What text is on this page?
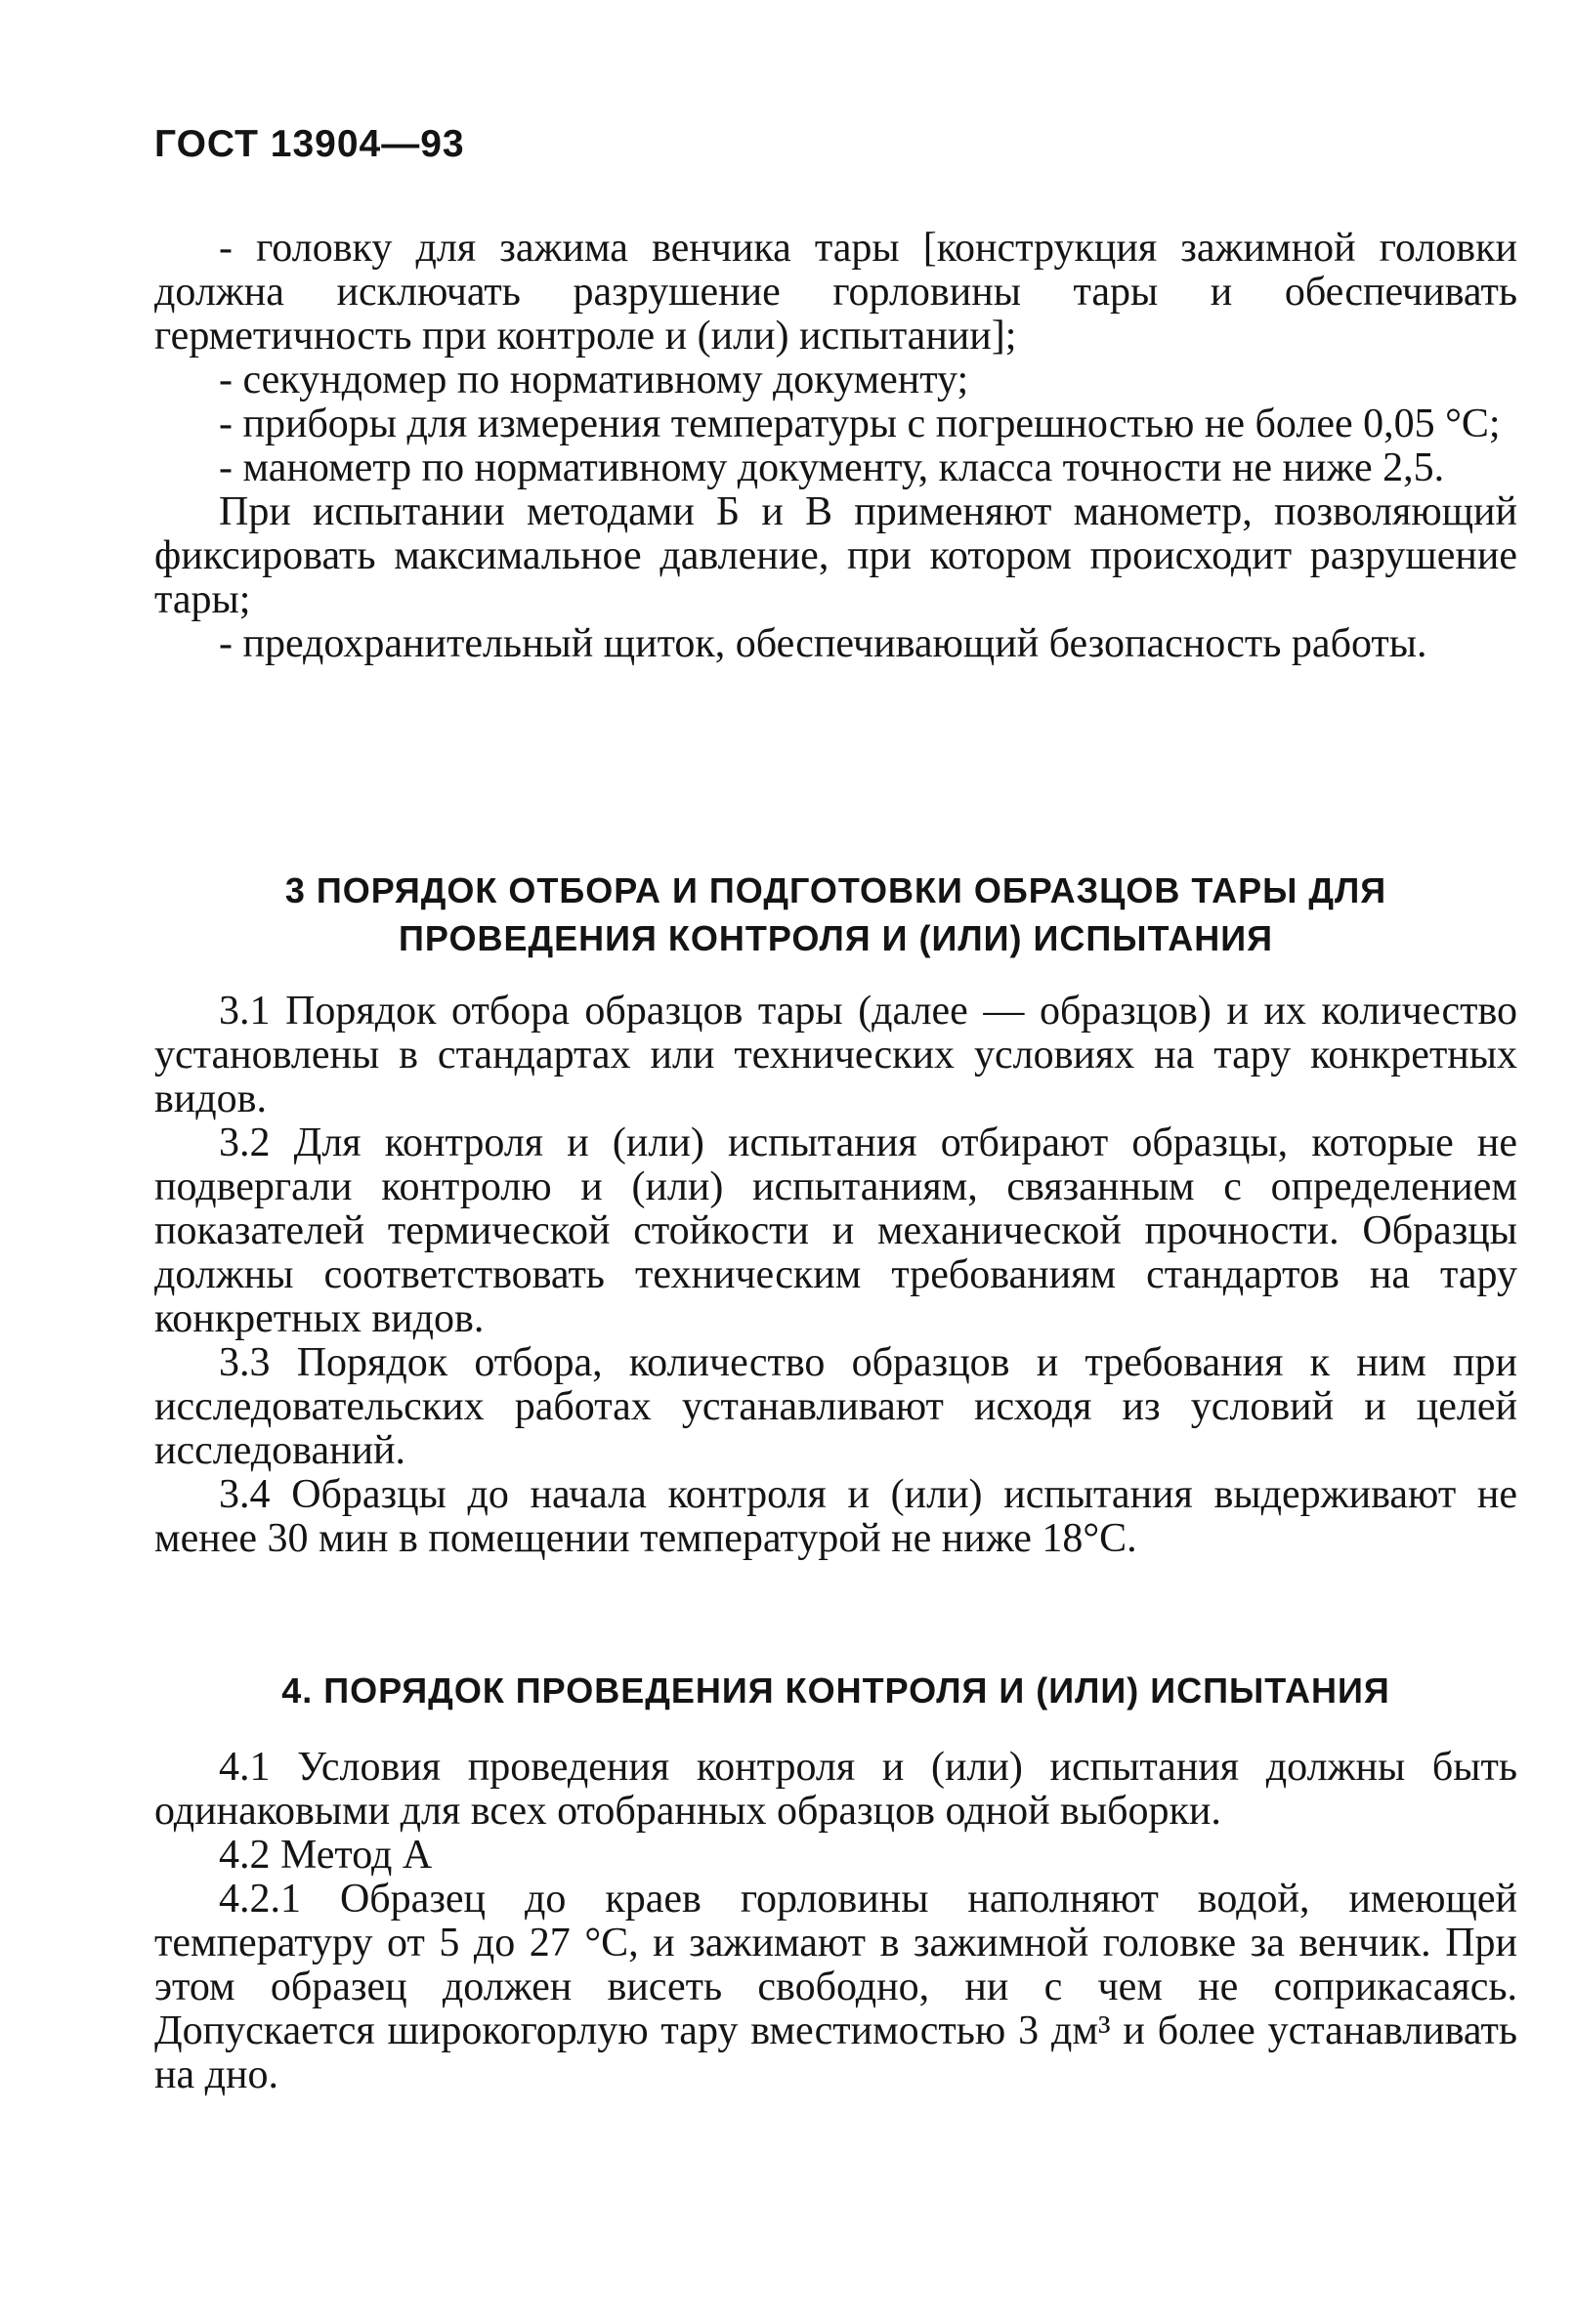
ГОСТ 13904—93

- головку для зажима венчика тары [конструкция зажимной головки должна исключать разрушение горловины тары и обеспечивать герметичность при контроле и (или) испытании];

- секундомер по нормативному документу;

- приборы для измерения температуры с погрешностью не более 0,05 °С;

- манометр по нормативному документу, класса точности не ниже 2,5.

При испытании методами Б и В применяют манометр, позволяющий фиксировать максимальное давление, при котором происходит разрушение тары;

- предохранительный щиток, обеспечивающий безопасность работы.

3 ПОРЯДОК ОТБОРА И ПОДГОТОВКИ ОБРАЗЦОВ ТАРЫ ДЛЯ

ПРОВЕДЕНИЯ КОНТРОЛЯ И (ИЛИ) ИСПЫТАНИЯ

3.1 Порядок отбора образцов тары (далее — образцов) и их количество установлены в стандартах или технических условиях на тару конкретных видов.

3.2 Для контроля и (или) испытания отбирают образцы, которые не подвергали контролю и (или) испытаниям, связанным с определением показателей термической стойкости и механической прочности. Образцы должны соответствовать техническим требованиям стандартов на тару конкретных видов.

3.3 Порядок отбора, количество образцов и требования к ним при исследовательских работах устанавливают исходя из условий и целей исследований.

3.4 Образцы до начала контроля и (или) испытания выдерживают не менее 30 мин в помещении температурой не ниже 18°С.

4. ПОРЯДОК ПРОВЕДЕНИЯ КОНТРОЛЯ И (ИЛИ) ИСПЫТАНИЯ

4.1 Условия проведения контроля и (или) испытания должны быть одинаковыми для всех отобранных образцов одной выборки.

4.2 Метод А

4.2.1 Образец до краев горловины наполняют водой, имеющей температуру от 5 до 27 °С, и зажимают в зажимной головке за венчик. При этом образец должен висеть свободно, ни с чем не соприкасаясь. Допускается широкогорлую тару вместимостью 3 дм³ и более устанавливать на дно.
